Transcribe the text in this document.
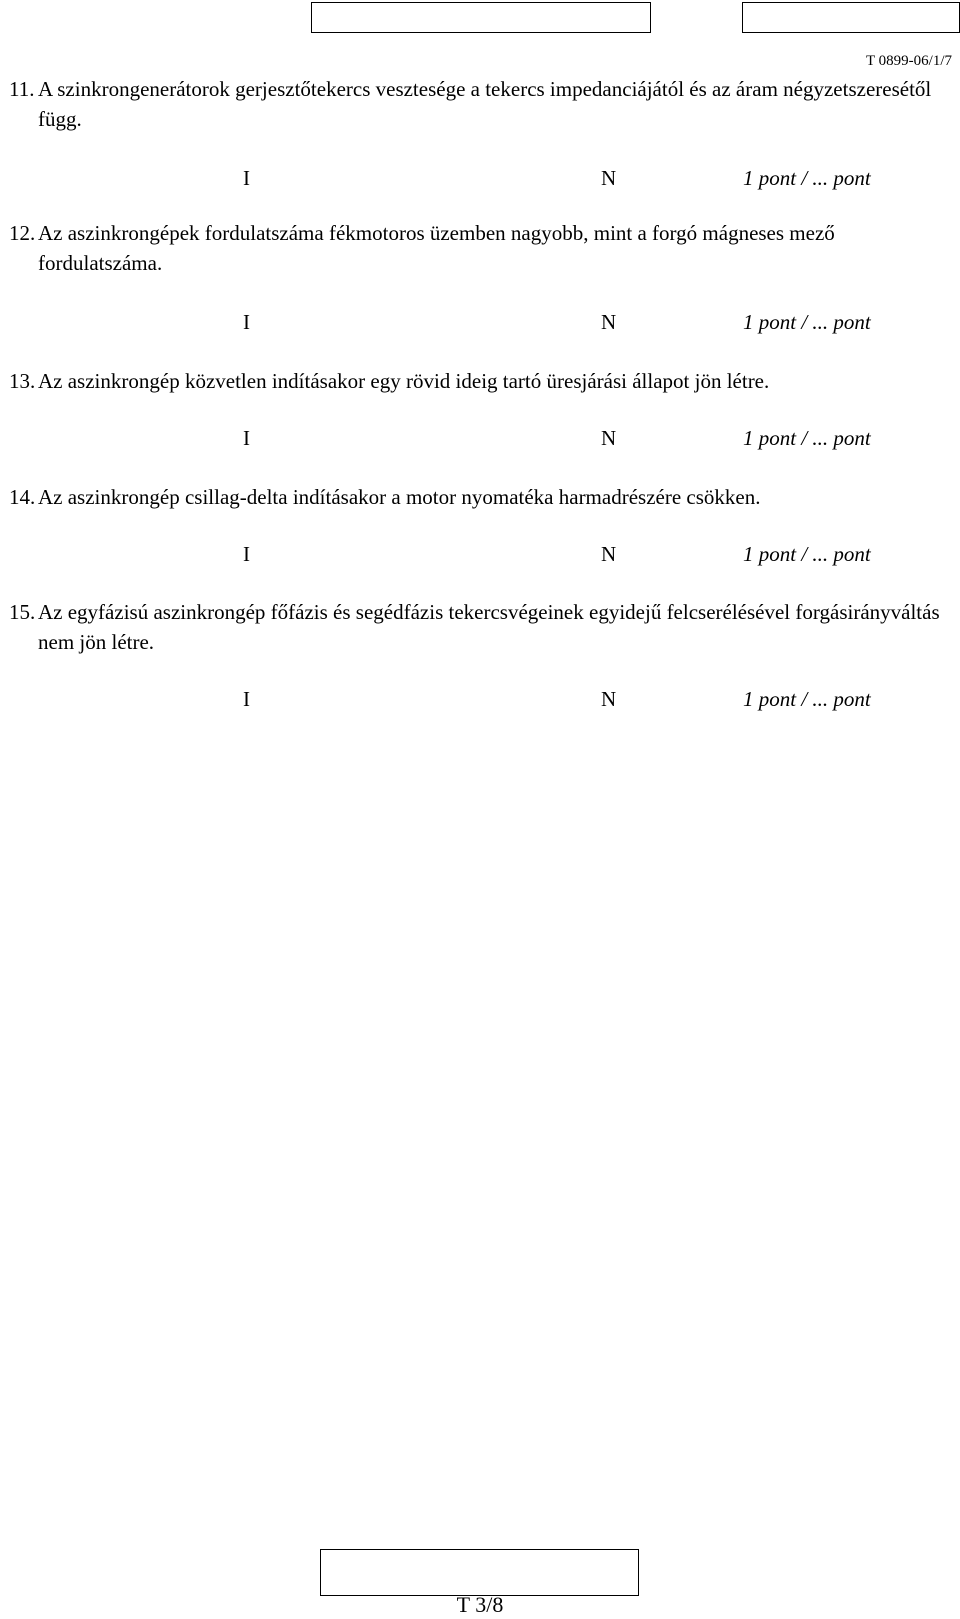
T 0899-06/1/7
11. A szinkrongenerátorok gerjesztőtekercs vesztesége a tekercs impedanciájától és az áram négyzetszeresétől függ.
I	N	1 pont / ... pont
12. Az aszinkrongépek fordulatszáma fékmotoros üzemben nagyobb, mint a forgó mágneses mező fordulatszáma.
I	N	1 pont / ... pont
13. Az aszinkrongép közvetlen indításakor egy rövid ideig tartó üresjárási állapot jön létre.
I	N	1 pont / ... pont
14. Az aszinkrongép csillag-delta indításakor a motor nyomatéka harmadrészére csökken.
I	N	1 pont / ... pont
15. Az egyfázisú aszinkrongép főfázis és segédfázis tekercsvégeinek egyidejű felcserélésével forgásirányváltás nem jön létre.
I	N	1 pont / ... pont
T 3/8
